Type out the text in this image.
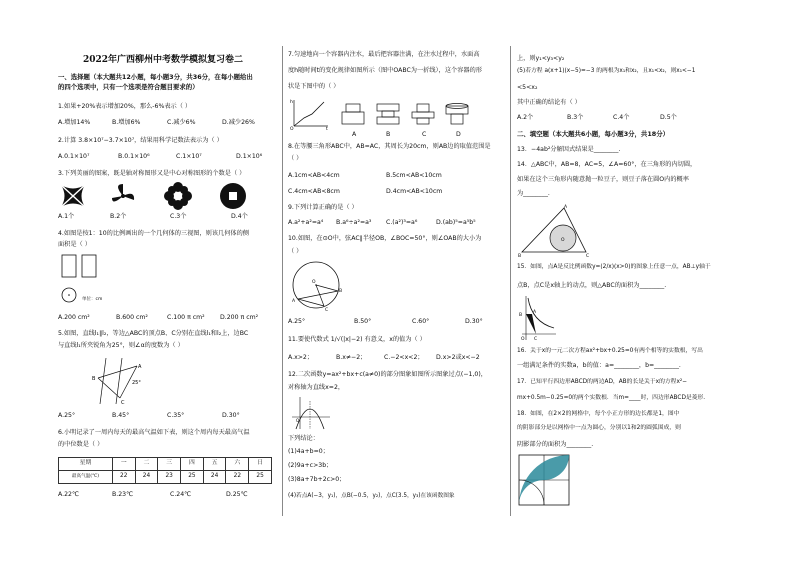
2022年广西柳州中考数学模拟复习卷二
一、选择题（本大题共12小题，每小题3分，共36分，在每小题给出
的四个选项中，只有一个选项是符合题目要求的）
1.如果+20%表示增加20%，那么-6%表示（ ）
A.增加14%	B.增加6%	C.减少6%	D.减少26%
2.计算 3.8×10⁷−3.7×10⁷，结果用科学记数法表示为（ ）
A.0.1×10⁷	B.0.1×10⁶	C.1×10⁷	D.1×10⁶
3.下列美丽的图案，既是轴对称图形又是中心对称图形的个数是（ ）
A.1个	B.2个	C.3个	D.4个
4.如图是按1：10的比例画出的一个几何体的三视图，则该几何体的侧
面积是（ ）
单位：cm
A.200 cm²	B.600 cm²	C.100 π cm² D.200 π cm²
5.如图，直线l₁∥l₂，等边△ABC的顶点B、C分别在直线l₁和l₂上，边BC
与直线l₁所夹锐角为25°，则∠α的度数为（ ）
A
B
C
25°
A.25°	B.45°	C.35°	D.30°
6.小明记录了一周内每天的最高气温如下表，则这个周内每天最高气温
的中位数是（ ）
星期	一	二	三	四	五	六	日
最高气温(℃)	22	24	23	25	24	22	25
A.22℃	B.23℃	C.24℃	D.25℃
7.匀速地向一个容器内注水，最后把容器注满，在注水过程中，水面高
度h随时间t的变化规律如图所示（图中OABC为一折线），这个容器的形
状是下图中的（ ）
O	t
h
A	B	C	D
8.在等腰三角形ABC中，AB=AC，其周长为20cm，则AB边的取值范围是
（ ）
A.1cm<AB<4cm	B.5cm<AB<10cm
C.4cm<AB<8cm	D.4cm<AB<10cm
9.下列计算正确的是（ ）
A.a²+a²=a⁴ B.a⁶÷a²=a³ C.(a²)³=a⁶	D.(ab)⁵=a⁵b⁵
10.如图，在⊙O中，弦AC∥半径OB，∠BOC=50°，则∠OAB的大小为
（ ）
A
B
C
O
A.25°	B.50°	C.60°	D.30°
11.要使代数式 1/√(|x|−2) 有意义，x的值为（ ）
A.x>2；	B.x≠−2；	C.−2<x<2； D.x>2或x<−2
12.二次函数y=ax²+bx+c(a≠0)的部分图象如图所示图象过点(−1,0)，
对称轴为直线x=2，
O
下列结论：
(1)4a+b=0；
(2)9a+c>3b；
(3)8a+7b+2c>0；
(4)若点A(−3，y₁)，点B(−0.5，y₂)，点C(3.5，y₃)在该函数图象
上，则y₁<y₃<y₂
(5)若方程 a(x+1)(x−5)=−3 的两根为x₁和x₂，且x₁<x₂，则x₁<−1
<5<x₂
其中正确的结论有（ ）
A.2个	B.3个	C.4个	D.5个
二、填空题（本大题共6小题，每小题3分，共18分）
13．−4ab²分解因式结果是________.
14．△ABC中，AB=8，AC=5，∠A=60°，在三角形的内切圆，
如果在这个三角形内随意抛一粒豆子，则豆子落在圆O内的概率
为________.
B	C
A
O
15．如图，点A是反比例函数y=(2/x)(x>0)的图象上任意一点，AB⊥y轴于
点B，点C是x轴上的动点，则△ABC的面积为________.
B
A
C
O
16．关于x的一元二次方程ax²+bx+0.25=0有两个相等的实数根，写出
一组满足条件的实数a，b的值：a=________，b=________.
17．已知平行四边形ABCD的两边AD，AB的长是关于x的方程x²−
mx+0.5m−0.25=0的两个实数根．当m=____时，四边形ABCD是菱形.
18．如图，在2×2的网格中，每个小正方形的边长都是1，图中
的阴影部分是以网格中一点为圆心，分别以1和2的圆弧围成，则
阴影部分的面积为________.
